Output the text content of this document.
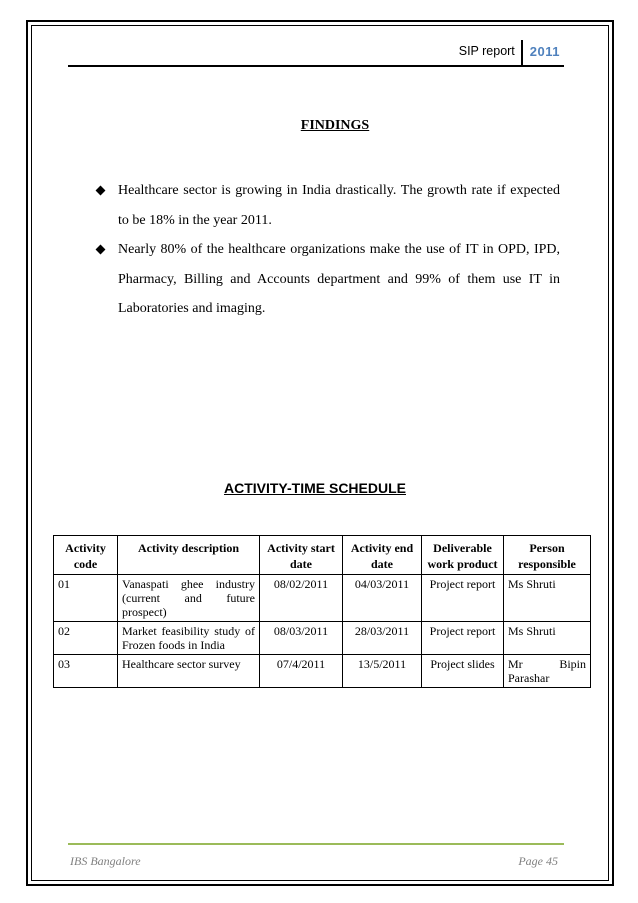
SIP report	2011
FINDINGS
Healthcare sector is growing in India drastically. The growth rate if expected to be 18% in the year 2011.
Nearly 80% of the healthcare organizations make the use of IT in OPD, IPD, Pharmacy, Billing and Accounts department and 99% of them use IT in Laboratories and imaging.
ACTIVITY-TIME SCHEDULE
Activity code	Activity description	Activity start date	Activity end date	Deliverable work product	Person responsible
01	Vanaspati ghee industry (current and future prospect)	08/02/2011	04/03/2011	Project report	Ms Shruti
02	Market feasibility study of Frozen foods in India	08/03/2011	28/03/2011	Project report	Ms Shruti
03	Healthcare sector survey	07/4/2011	13/5/2011	Project slides	Mr Bipin Parashar
IBS Bangalore	Page 45
